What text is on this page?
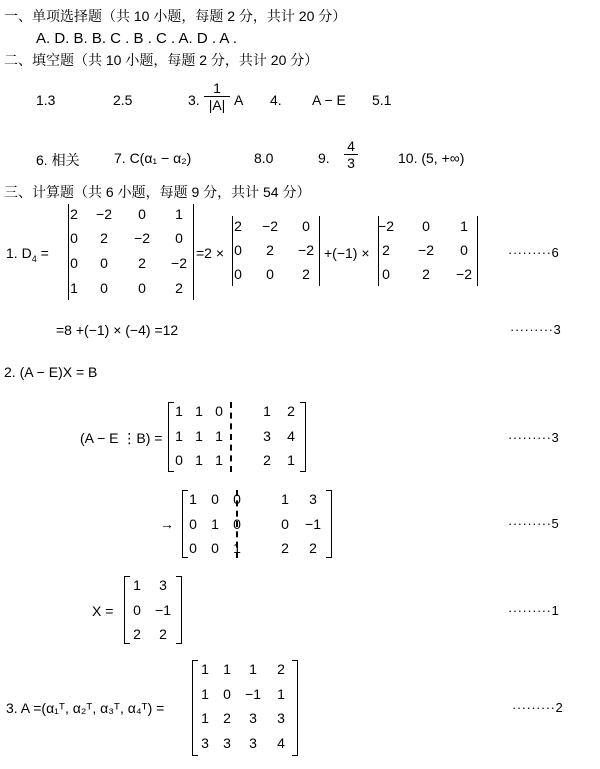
一、单项选择题（共 10 小题，每题 2 分，共计 20 分）
A. D. B. B. C . B . C . A. D . A .
二、填空题（共 10 小题，每题 2 分，共计 20 分）
1.3	2.5	3. $\frac{1}{|A|}$ A 4. A − E 5.1
6. 相关 7. C(α₁ − α₂)	8.0	9. $\frac{4}{3}$	10. (5, +∞)
三、计算题（共 6 小题，每题 9 分，共计 54 分）
1. $D_4$ =
2	−2	0	1
0	2	−2	0
0	0	2	−2
1	0	0	2
=2 ×
2	−2	0
0	2	−2
0	0	2
+(−1) ×
−2	0	1
2	−2	0
0	2	−2
·········6
=8 +(−1) × (−4) =12	·········3
2. (A − E)X = B
(A − E ⋮B) =
1 1 0	1	2
1 1 1	3	4
0 1 1	2	1
·········3
→
1	0	0	1	3
0	1	0	0	−1
0	0	1	2	2
·········5
X =
1	3
0	−1
2	2
·········1
3. A =(α₁ᵀ, α₂ᵀ, α₃ᵀ, α₄ᵀ) =
1	1	1	2
1	0	−1	1
1	2	3	3
3	3	3	4
·········2
